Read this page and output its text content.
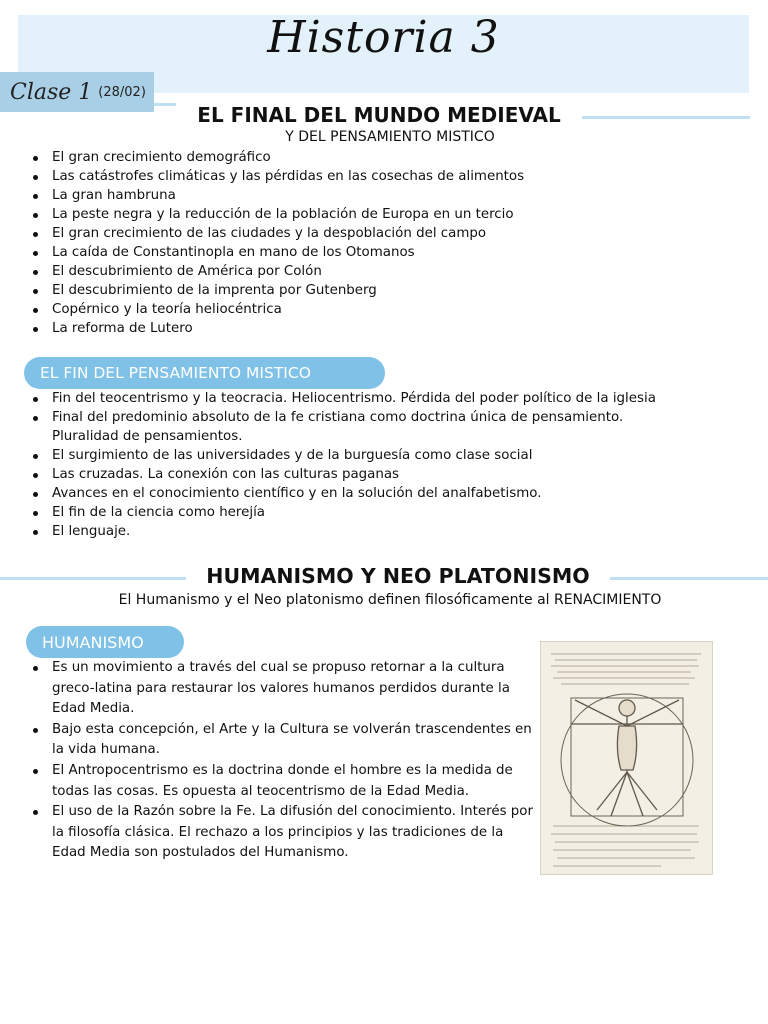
Historia 3
Clase 1 (28/02)
EL FINAL DEL MUNDO MEDIEVAL
Y DEL PENSAMIENTO MISTICO
El gran crecimiento demográfico
Las catástrofes climáticas y las pérdidas en las cosechas de alimentos
La gran hambruna
La peste negra y la reducción de la población de Europa en un tercio
El gran crecimiento de las ciudades y la despoblación del campo
La caída de Constantinopla en mano de los Otomanos
El descubrimiento de América por Colón
El descubrimiento de la imprenta por Gutenberg
Copérnico y la teoría heliocéntrica
La reforma de Lutero
EL FIN DEL PENSAMIENTO MISTICO
Fin del teocentrismo y la teocracia. Heliocentrismo. Pérdida del poder político de la iglesia
Final del predominio absoluto de la fe cristiana como doctrina única de pensamiento.
Pluralidad de pensamientos.
El surgimiento de las universidades y de la burguesía como clase social
Las cruzadas. La conexión con las culturas paganas
Avances en el conocimiento científico y en la solución del analfabetismo.
El fin de la ciencia como herejía
El lenguaje.
HUMANISMO Y NEO PLATONISMO
El Humanismo y el Neo platonismo definen filosóficamente al RENACIMIENTO
HUMANISMO
Es un movimiento a través del cual se propuso retornar a la cultura greco-latina para restaurar los valores humanos perdidos durante la Edad Media.
Bajo esta concepción, el Arte y la Cultura se volverán trascendentes en la vida humana.
El Antropocentrismo es la doctrina donde el hombre es la medida de todas las cosas. Es opuesta al teocentrismo de la Edad Media.
El uso de la Razón sobre la Fe. La difusión del conocimiento. Interés por la filosofía clásica. El rechazo a los principios y las tradiciones de la Edad Media son postulados del Humanismo.
